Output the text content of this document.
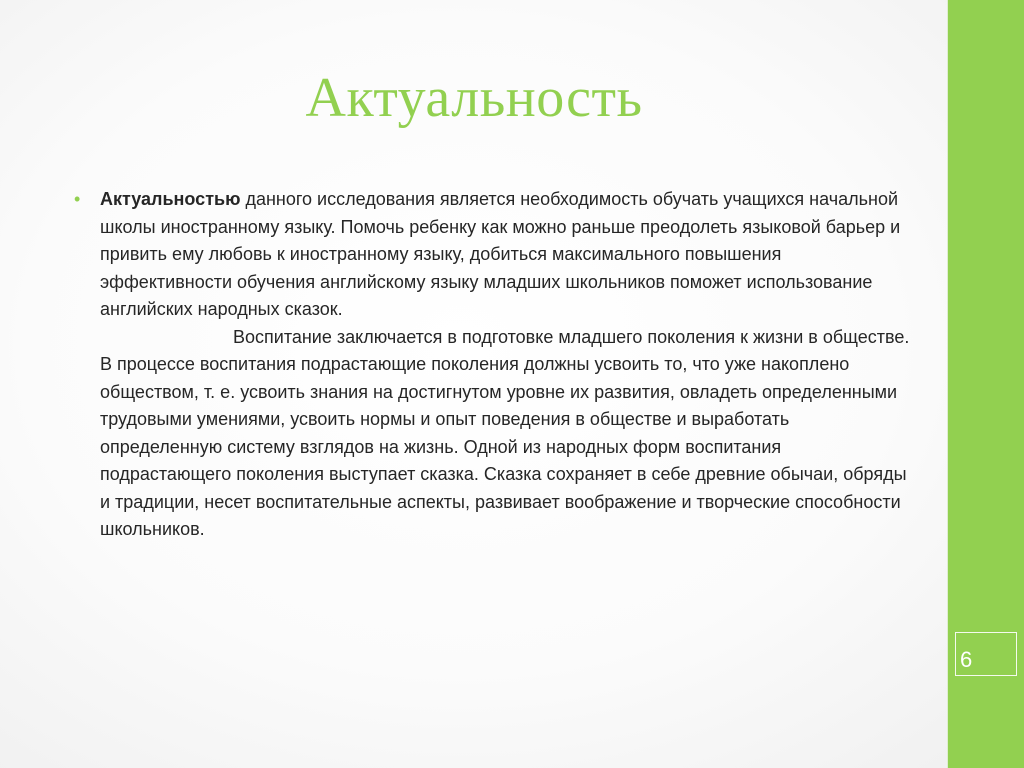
6
Актуальность
• Актуальностью данного исследования является необходимость обучать учащихся начальной школы иностранному языку. Помочь ребенку как можно раньше преодолеть языковой барьер и привить ему любовь к иностранному языку, добиться максимального повышения эффективности обучения английскому языку младших школьников поможет использование английских народных сказок.

Воспитание заключается в подготовке младшего поколения к жизни в обществе. В процессе воспитания подрастающие поколения должны усвоить то, что уже накоплено обществом, т. е. усвоить знания на достигнутом уровне их развития, овладеть определенными трудовыми умениями, усвоить нормы и опыт поведения в обществе и выработать определенную систему взглядов на жизнь. Одной из народных форм воспитания подрастающего поколения выступает сказка. Сказка сохраняет в себе древние обычаи, обряды и традиции, несет воспитательные аспекты, развивает воображение и творческие способности школьников.
